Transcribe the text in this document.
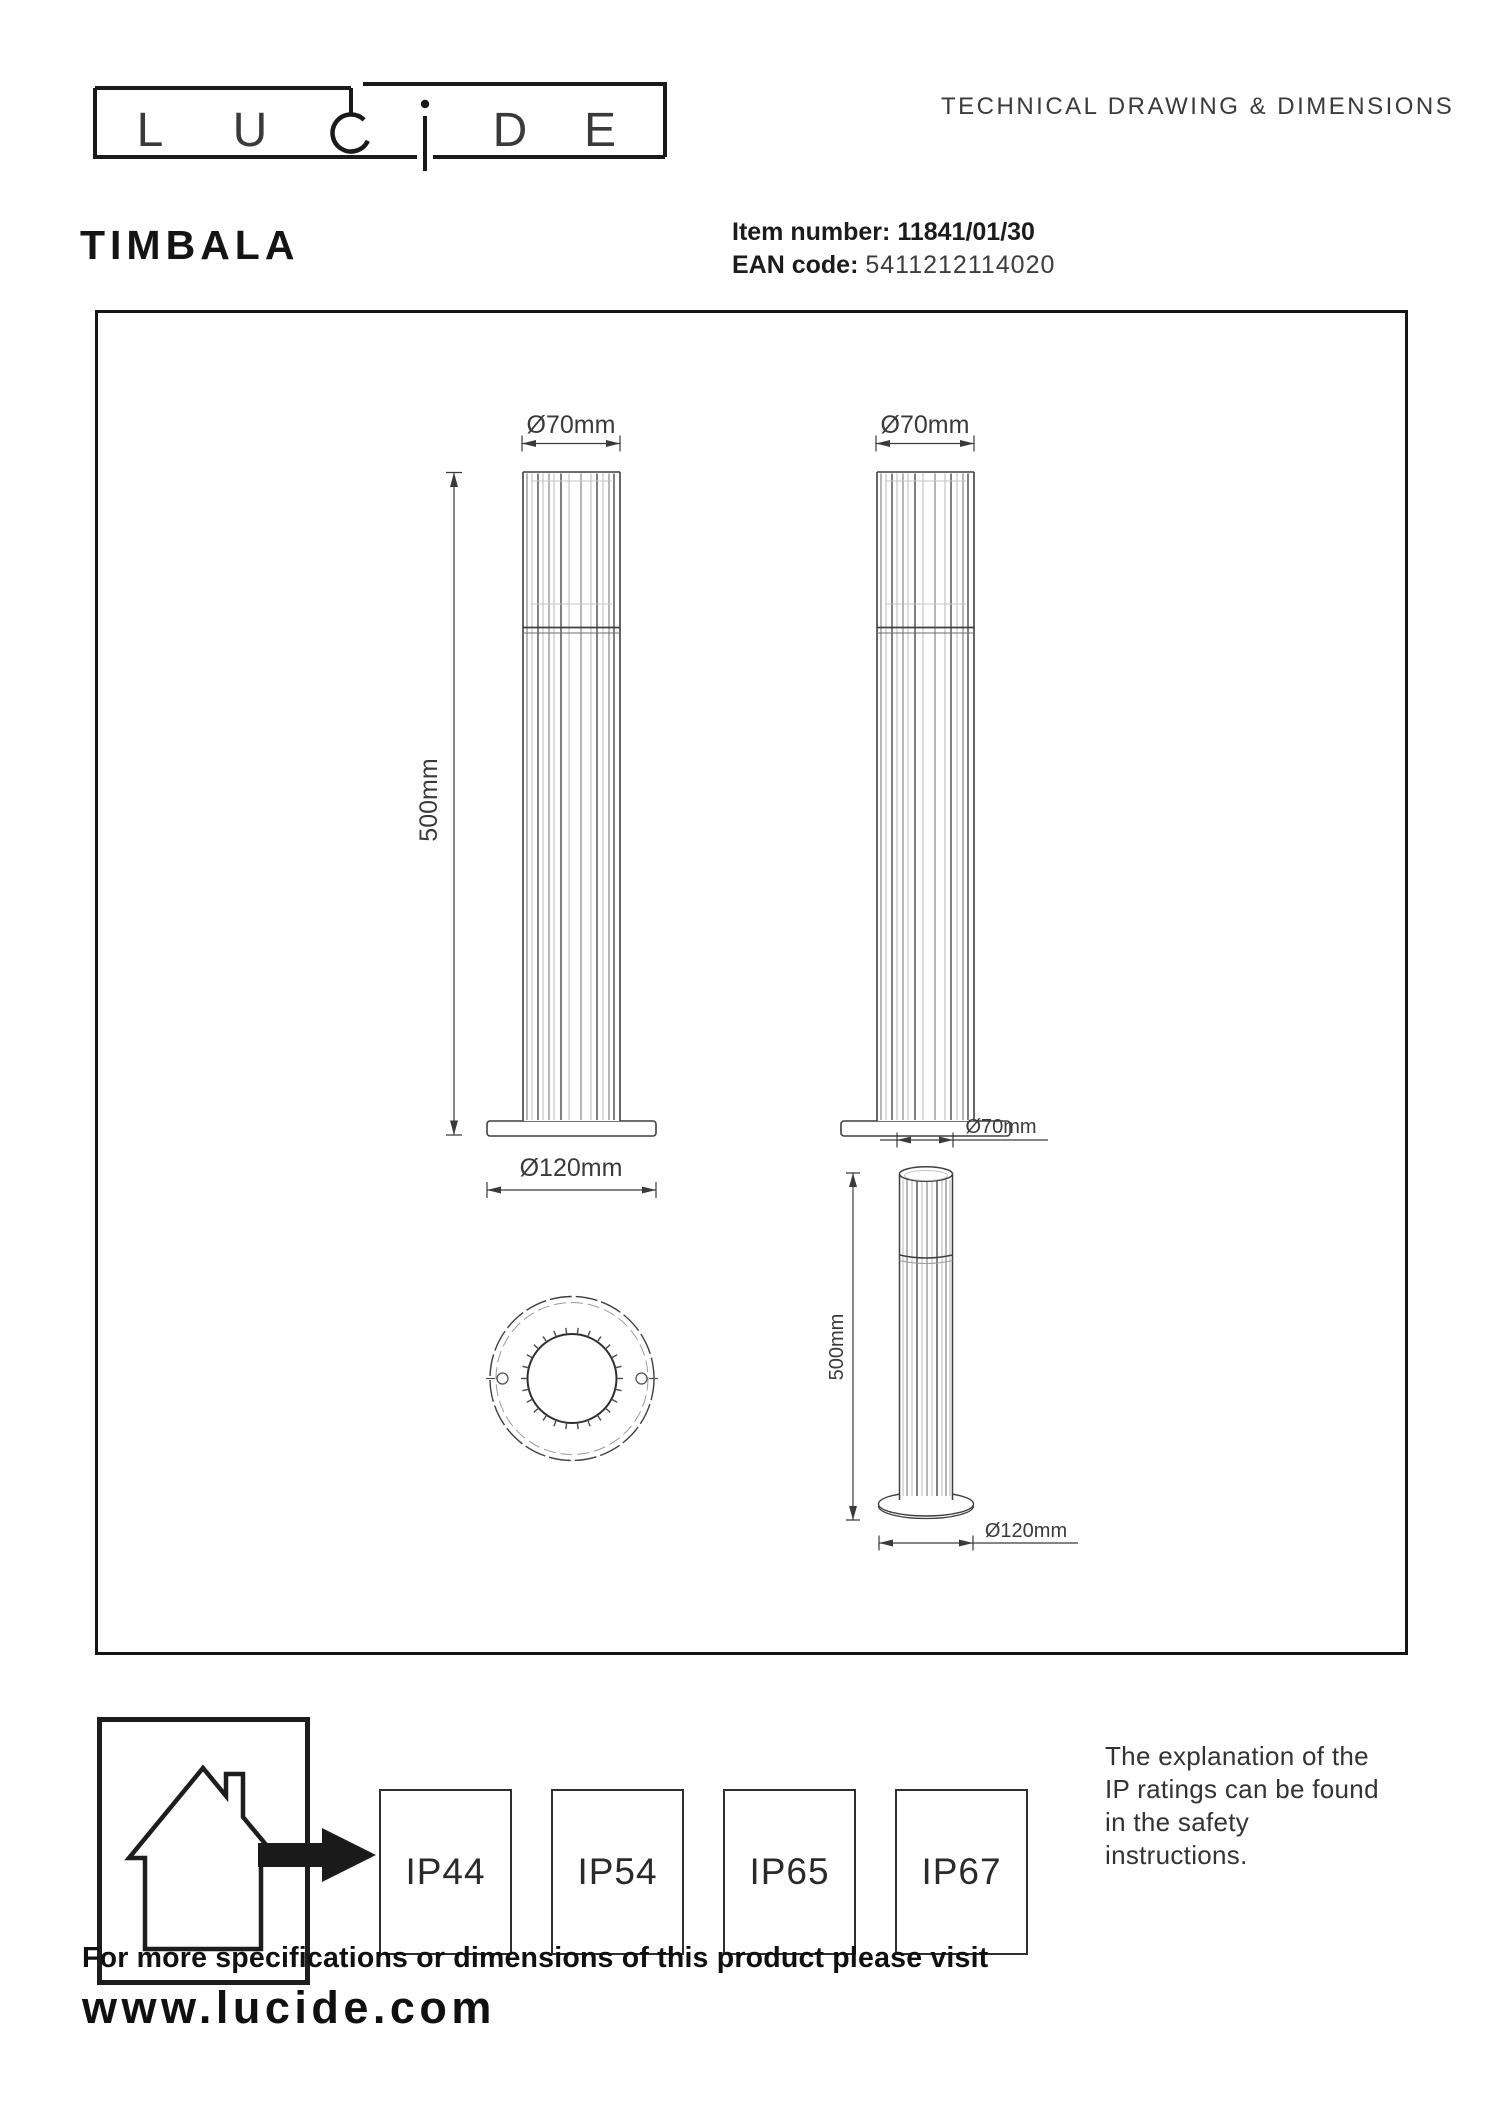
L U	D E	TECHNICAL DRAWING & DIMENSIONS
TIMBALA	Item number: 11841/01/30
EAN code: 5411212114020
Ø70mm
500mm
Ø120mm
Ø70mm
Ø70mm
500mm
Ø120mm
IP44	IP54	IP65	IP67
The explanation of the
IP ratings can be found
in the safety
instructions.
For more specifications or dimensions of this product please visit
www.lucide.com
